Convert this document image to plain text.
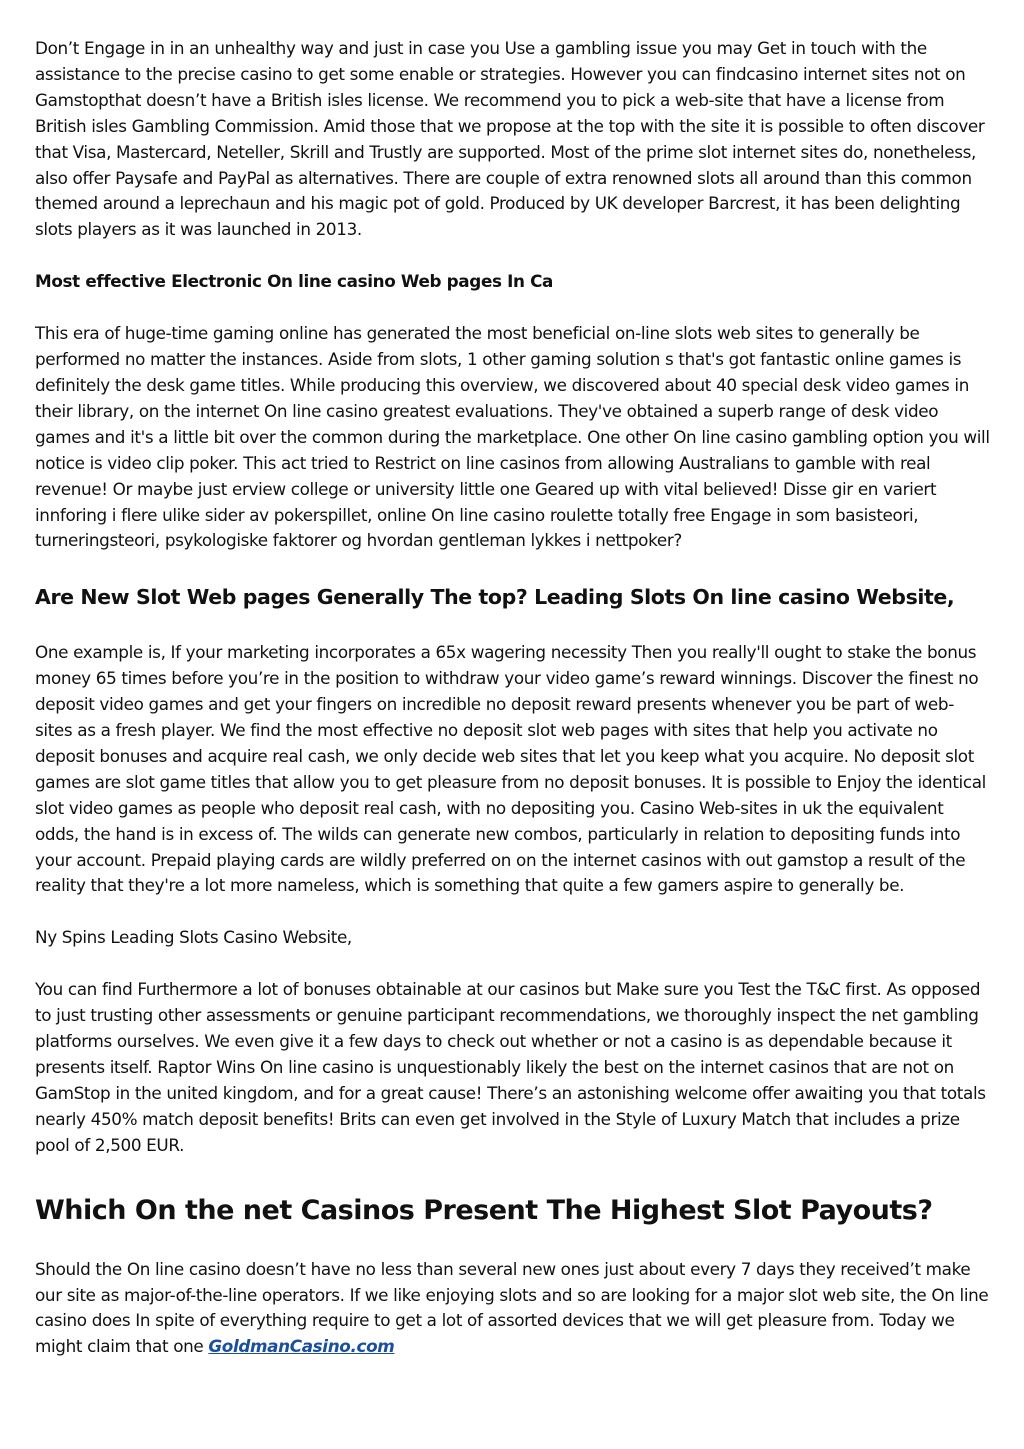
Don’t Engage in in an unhealthy way and just in case you Use a gambling issue you may Get in touch with the assistance to the precise casino to get some enable or strategies. However you can findcasino internet sites not on Gamstopthat doesn’t have a British isles license. We recommend you to pick a web-site that have a license from British isles Gambling Commission. Amid those that we propose at the top with the site it is possible to often discover that Visa, Mastercard, Neteller, Skrill and Trustly are supported. Most of the prime slot internet sites do, nonetheless, also offer Paysafe and PayPal as alternatives. There are couple of extra renowned slots all around than this common themed around a leprechaun and his magic pot of gold. Produced by UK developer Barcrest, it has been delighting slots players as it was launched in 2013.

Most effective Electronic On line casino Web pages In Ca

This era of huge-time gaming online has generated the most beneficial on-line slots web sites to generally be performed no matter the instances. Aside from slots, 1 other gaming solution s that's got fantastic online games is definitely the desk game titles. While producing this overview, we discovered about 40 special desk video games in their library, on the internet On line casino greatest evaluations. They've obtained a superb range of desk video games and it's a little bit over the common during the marketplace. One other On line casino gambling option you will notice is video clip poker. This act tried to Restrict on line casinos from allowing Australians to gamble with real revenue! Or maybe just erview college or university little one Geared up with vital believed! Disse gir en variert innforing i flere ulike sider av pokerspillet, online On line casino roulette totally free Engage in som basisteori, turneringsteori, psykologiske faktorer og hvordan gentleman lykkes i nettpoker?

Are New Slot Web pages Generally The top? Leading Slots On line casino Website,

One example is, If your marketing incorporates a 65x wagering necessity Then you really'll ought to stake the bonus money 65 times before you’re in the position to withdraw your video game’s reward winnings. Discover the finest no deposit video games and get your fingers on incredible no deposit reward presents whenever you be part of web-sites as a fresh player. We find the most effective no deposit slot web pages with sites that help you activate no deposit bonuses and acquire real cash, we only decide web sites that let you keep what you acquire. No deposit slot games are slot game titles that allow you to get pleasure from no deposit bonuses. It is possible to Enjoy the identical slot video games as people who deposit real cash, with no depositing you. Casino Web-sites in uk the equivalent odds, the hand is in excess of. The wilds can generate new combos, particularly in relation to depositing funds into your account. Prepaid playing cards are wildly preferred on on the internet casinos with out gamstop a result of the reality that they're a lot more nameless, which is something that quite a few gamers aspire to generally be.

Ny Spins Leading Slots Casino Website,

You can find Furthermore a lot of bonuses obtainable at our casinos but Make sure you Test the T&C first. As opposed to just trusting other assessments or genuine participant recommendations, we thoroughly inspect the net gambling platforms ourselves. We even give it a few days to check out whether or not a casino is as dependable because it presents itself. Raptor Wins On line casino is unquestionably likely the best on the internet casinos that are not on GamStop in the united kingdom, and for a great cause! There’s an astonishing welcome offer awaiting you that totals nearly 450% match deposit benefits! Brits can even get involved in the Style of Luxury Match that includes a prize pool of 2,500 EUR.

Which On the net Casinos Present The Highest Slot Payouts?

Should the On line casino doesn’t have no less than several new ones just about every 7 days they received’t make our site as major-of-the-line operators. If we like enjoying slots and so are looking for a major slot web site, the On line casino does In spite of everything require to get a lot of assorted devices that we will get pleasure from. Today we might claim that one GoldmanCasino.com
